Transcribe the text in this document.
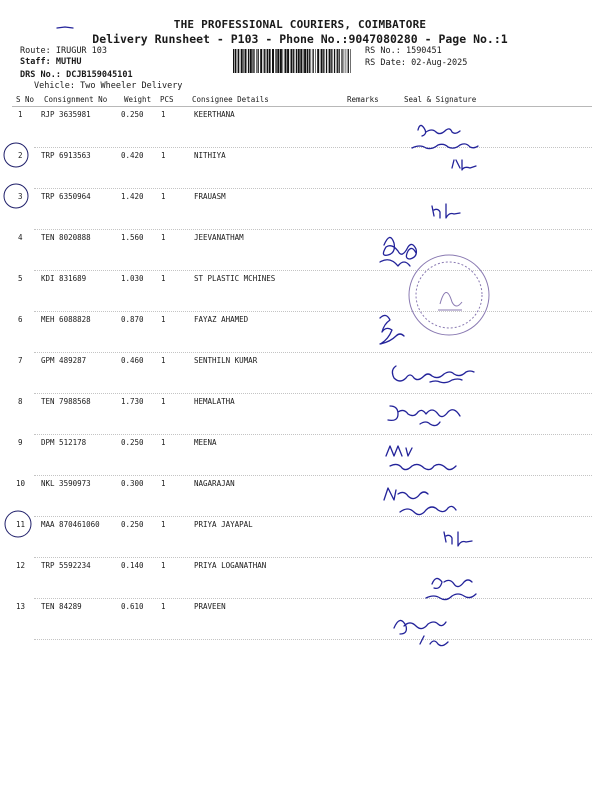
THE PROFESSIONAL COURIERS, COIMBATORE
Delivery Runsheet - P103 - Phone No.:9047080280 - Page No.:1
Route: IRUGUR 103
Staff: MUTHU
DRS No.: DCJB159045101
Vehicle: Two Wheeler Delivery
RS No.: 1590451
RS Date: 02-Aug-2025
S No Consignment No Weight PCS Consignee Details	Remarks	Seal & Signature
1 RJP 3635981	0.250 1	KEERTHANA
2 TRP 6913563	0.420 1	NITHIYA
3 TRP 6350964	1.420 1	FRAUASM
4 TEN 8020888	1.560 1	JEEVANATHAM
5 KDI 831689	1.030 1	ST PLASTIC MCHINES
6 MEH 6088828	0.870 1	FAYAZ AHAMED
7 GPM 489287	0.460 1	SENTHILN KUMAR
8 TEN 7988568	1.730 1	HEMALATHA
9 DPM 512178	0.250 1	MEENA
10 NKL 3590973	0.300 1	NAGARAJAN
11 MAA 870461060	0.250 1	PRIYA JAYAPAL
12 TRP 5592234	0.140 1	PRIYA LOGANATHAN
13 TEN 84289	0.610 1	PRAVEEN
